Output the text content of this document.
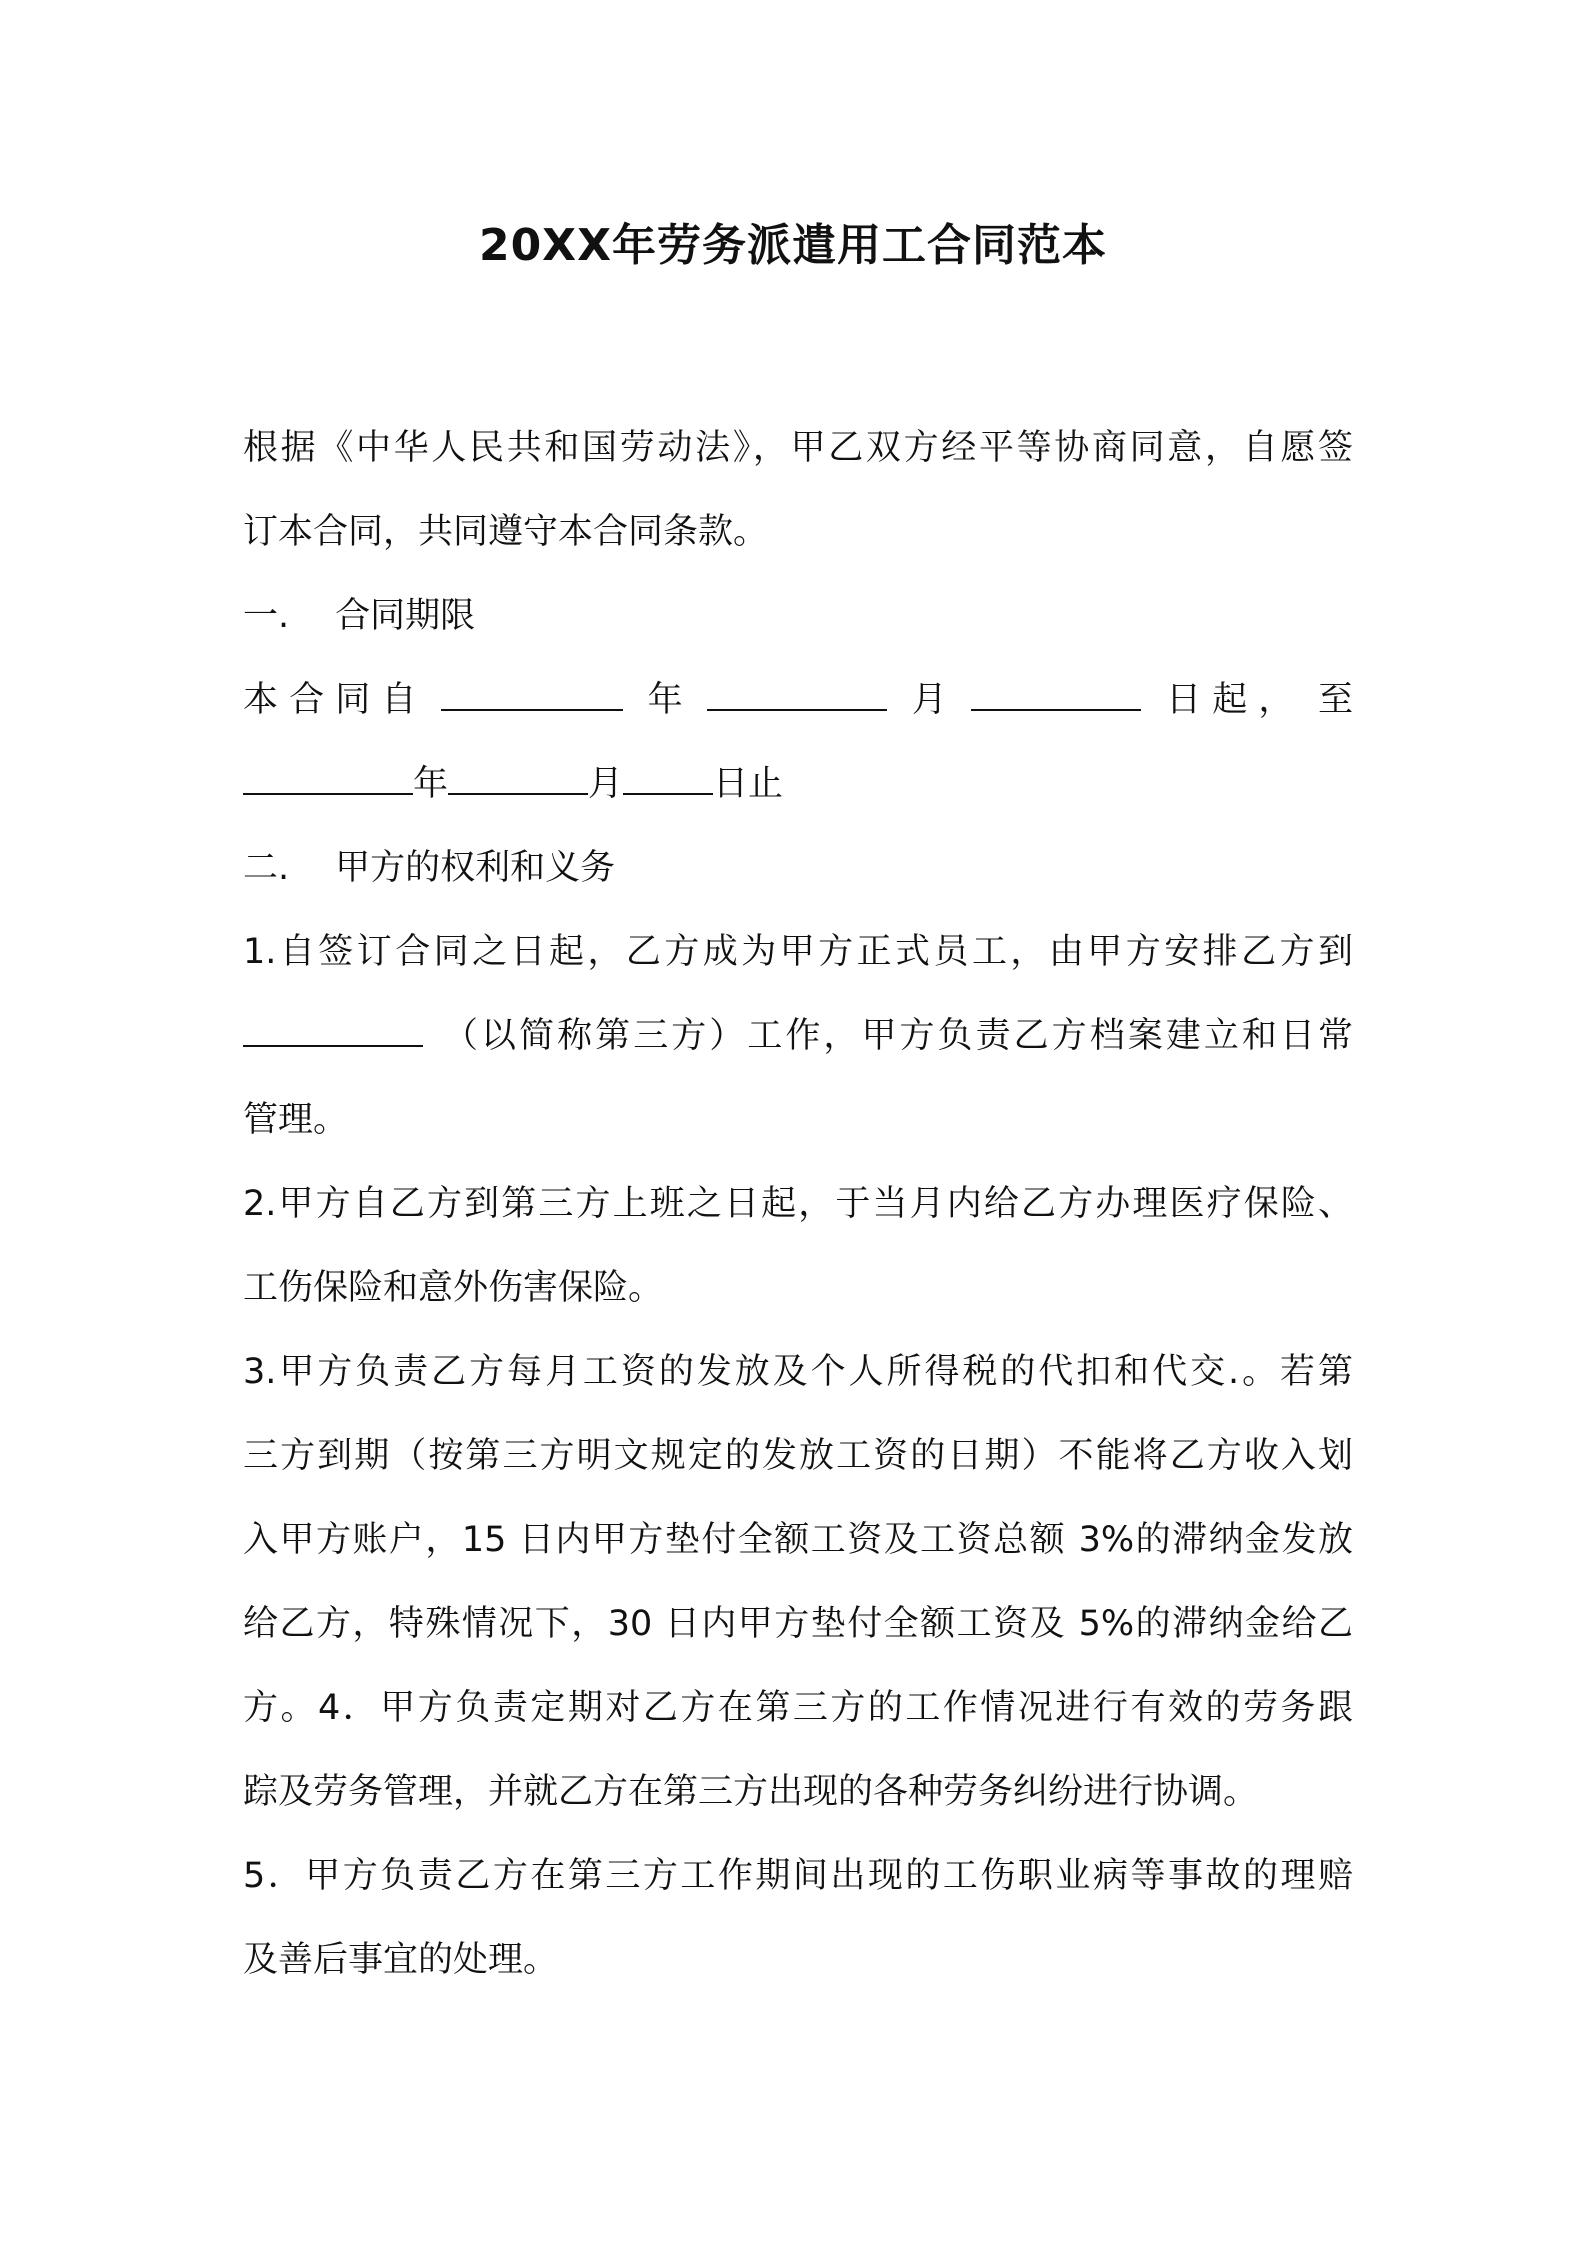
20XX年劳务派遣用工合同范本
根据《中华人民共和国劳动法》，甲乙双方经平等协商同意，自愿签
订本合同，共同遵守本合同条款。
一. 合同期限
本 合 同 自	年	月	日 起 ， 至
年	月	日止
二. 甲方的权利和义务
1.自签订合同之日起，乙方成为甲方正式员工，由甲方安排乙方到
（以简称第三方）工作，甲方负责乙方档案建立和日常
管理。
2.甲方自乙方到第三方上班之日起，于当月内给乙方办理医疗保险、
工伤保险和意外伤害保险。
3.甲方负责乙方每月工资的发放及个人所得税的代扣和代交.。若第
三方到期（按第三方明文规定的发放工资的日期）不能将乙方收入划
入甲方账户，15 日内甲方垫付全额工资及工资总额 3%的滞纳金发放
给乙方，特殊情况下，30 日内甲方垫付全额工资及 5%的滞纳金给乙
方。4．甲方负责定期对乙方在第三方的工作情况进行有效的劳务跟
踪及劳务管理，并就乙方在第三方出现的各种劳务纠纷进行协调。
5．甲方负责乙方在第三方工作期间出现的工伤职业病等事故的理赔
及善后事宜的处理。
